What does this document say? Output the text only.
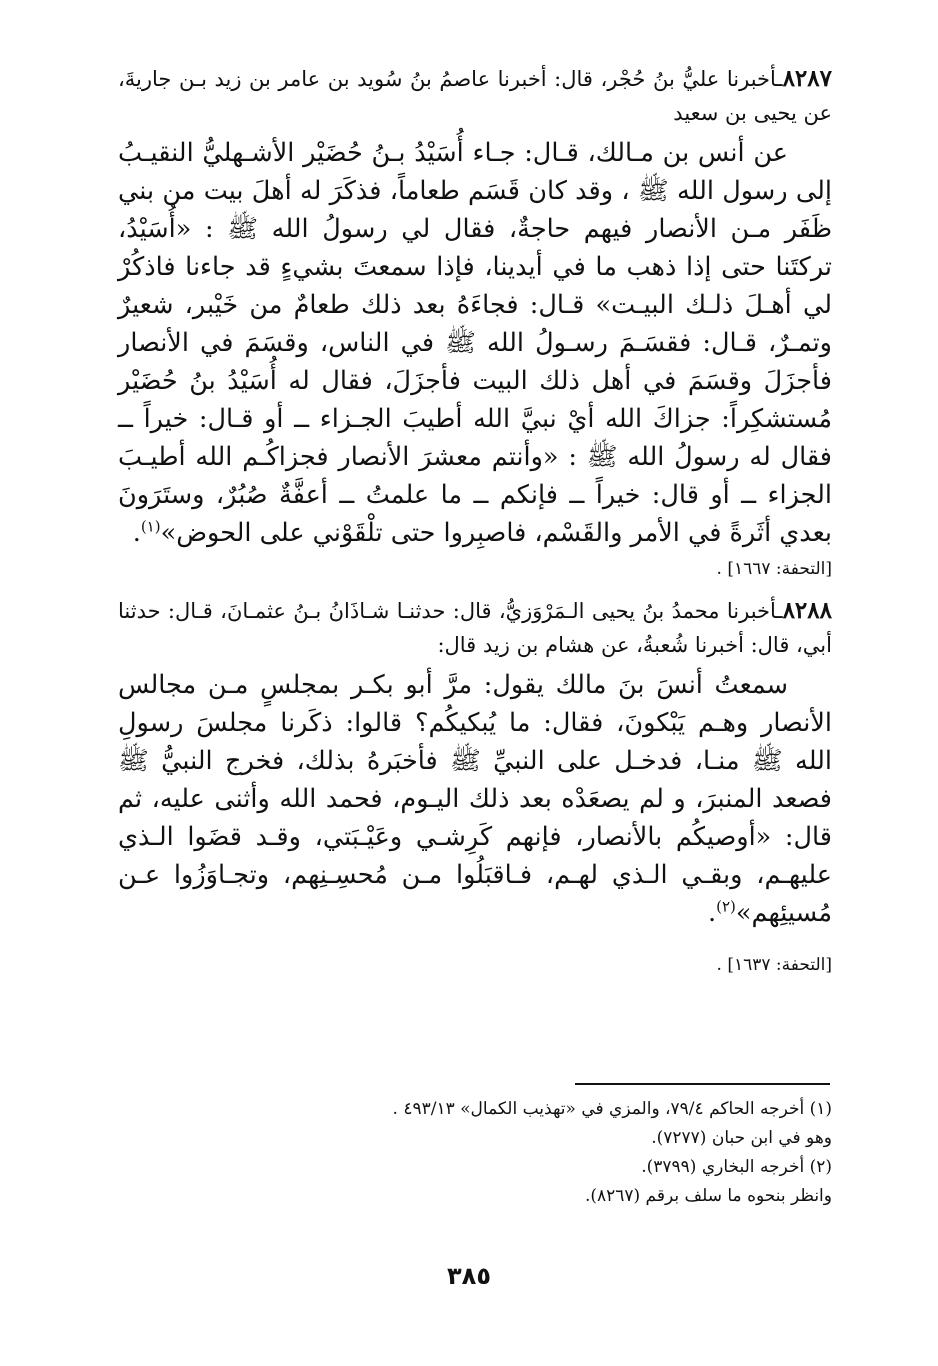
٨٢٨٧ـأخبرنا عليُّ بنُ حُجْر، قال: أخبرنا عاصمُ بنُ سُويد بن عامر بن زيد بـن جاريةَ، عن يحيى بن سعيد

عن أنس بن مـالك، قـال: جـاء أُسَيْدُ بـنُ حُضَيْر الأشـهليُّ النقيـبُ إلى رسول الله ﷺ ، وقد كان قَسَم طعاماً، فذكَرَ له أهلَ بيت من بني ظَفَر مـن الأنصار فيهم حاجةٌ، فقال لي رسولُ الله ﷺ : «أُسَيْدُ، تركتَنا حتى إذا ذهب ما في أيدينا، فإذا سمعتَ بشيءٍ قد جاءنا فاذكُرْ لي أهـلَ ذلـك البيـت» قـال: فجاءَهُ بعد ذلك طعامٌ من خَيْبر، شعيرٌ وتمـرٌ، قـال: فقسَـمَ رسـولُ الله ﷺ في الناس، وقسَمَ في الأنصار فأجزَلَ وقسَمَ في أهل ذلك البيت فأجزَلَ، فقال له أُسَيْدُ بنُ حُضَيْر مُستشكِراً: جزاكَ الله أيْ نبيَّ الله أطيبَ الجـزاء ــ أو قـال: خيراً ــ فقال له رسولُ الله ﷺ : «وأنتم معشرَ الأنصار فجزاكُـم الله أطيـبَ الجزاء ــ أو قال: خيراً ــ فإنكم ــ ما علمتُ ــ أعفَّةٌ صُبُرٌ، وستَرَونَ بعدي أثَرةً في الأمر والقَسْم، فاصبِروا حتى تلْقَوْني على الحوض»$^{(١)}$.

[التحفة: ١٦٦٧] .

٨٢٨٨ـأخبرنا محمدُ بنُ يحيى الـمَرْوَزيُّ، قال: حدثنـا شـاذَانُ بـنُ عثمـانَ، قـال: حدثنا أبي، قال: أخبرنا شُعبةُ، عن هشام بن زيد قال:

سمعتُ أنسَ بنَ مالك يقول: مرَّ أبو بكـر بمجلسٍ مـن مجالس الأنصار وهـم يَبْكونَ، فقال: ما يُبكيكُم؟ قالوا: ذكَرنا مجلسَ رسولِ الله ﷺ منـا، فدخـل على النبيِّ ﷺ فأخبَرهُ بذلك، فخرج النبيُّ ﷺ فصعد المنبرَ، و لم يصعَدْه بعد ذلك اليـوم، فحمد الله وأثنى عليه، ثم قال: «أوصيكُم بالأنصار، فإنهم كَرِشـي وعَيْـبَتي، وقـد قضَوا الـذي عليهـم، وبقـي الـذي لهـم، فـاقبَلُوا مـن مُحسِـنِهم، وتجـاوَزُوا عـن مُسيئِهم»$^{(٢)}$.

[التحفة: ١٦٣٧] .

(١) أخرجه الحاكم ٧٩/٤، والمزي في «تهذيب الكمال» ٤٩٣/١٣ .

وهو في ابن حبان (٧٢٧٧).

(٢) أخرجه البخاري (٣٧٩٩).

وانظر بنحوه ما سلف برقم (٨٢٦٧).

٣٨٥
